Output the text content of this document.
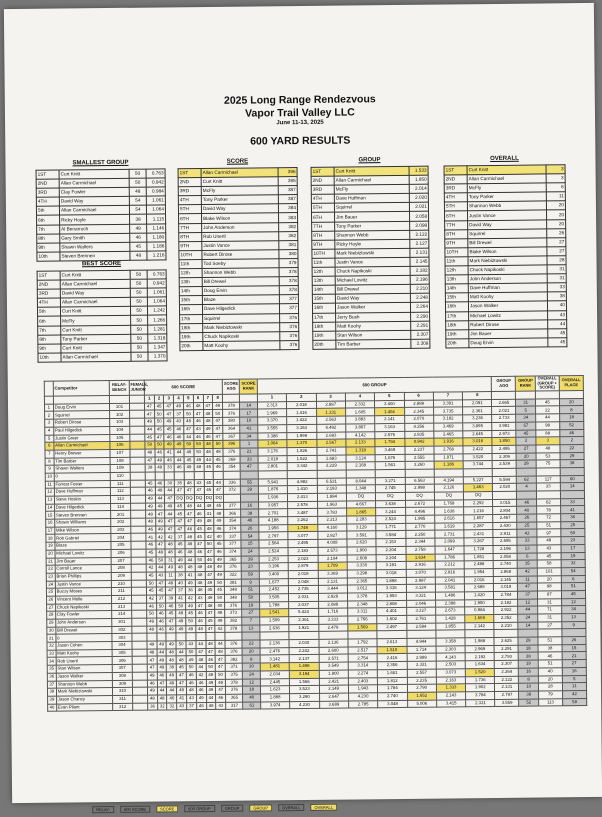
2025 Long Range Rendezvous
Vapor Trail Valley LLC
June 11-13, 2025
600 YARD RESULTS
SMALLEST GROUP
1ST	Curt Knitt	50	0.763
2ND	Allan Carmichael	50	0.942
3RD	Clay Fowler	48	0.984
4TH	David Way	54	1.061
5th	Allan Carmichael	54	1.064
6th	Ricky Hoyle	38	1.115
7th	Al Benarroch	49	1.146
8th	Gary Smith	46	1.180
9th	Shawn Walters	45	1.186
10th	Steven Brennen	48	1.216
BEST SCORE
1ST	Curt Knitt	50	0.763
2ND	Allan Carmichael	50	0.942
3RD	David Way	50	1.061
4TH	Allan Carmichael	50	1.064
5th	Curt Knitt	50	1.242
6th	McFly	50	1.266
7th	Curt Knitt	50	1.281
8th	Tony Parker	50	1.318
9th	Curt Knitt	50	1.347
10th	Allan Carmichael	50	1.370
SCORE
1ST	Allan Carmichael	396
2ND	Curt Knitt	395
3RD	McFly	387
4TH	Tony Parker	387
5TH	David Way	384
6TH	Blake Wilson	383
7TH	John Anderson	382
8TH	Rob Unertl	382
9TH	Justin Vance	381
10TH	Robert Dirose	380
11th	Tod Soeby	379
12th	Shannon Webb	378
13th	Bill Drewel	378
14th	Doug Ervin	378
15th	Blaze	377
16th	Dave Hilgedick	377
17th	Squirrel	376
18th	Mark Niebiztowski	376
19th	Chuck Napikoski	376
20th	Matt Koohy	376
GROUP
1ST	Curt Knitt	1.533
2ND	Allan Carmichael	1.850
3RD	McFly	2.014
4TH	Dave Huffman	2.020
5TH	Squirrel	2.021
6TH	Jim Bauer	2.058
7TH	Tony Parker	2.098
8TH	Shannon Webb	2.122
9TH	Ricky Hoyle	2.127
10TH	Mark Niebiztowski	2.131
11th	Justin Vance	2.145
12th	Chuck Napikoski	2.182
13th	Michael Lowitz	2.196
14th	Bill Drewel	2.210
15th	David Way	2.248
16th	Jason Walker	2.264
17th	Jerry Bush	2.290
18th	Matt Koohy	2.291
19th	Stan Wilson	2.307
20th	Tim Barber	2.309
OVERALL
1ST	Curt Knitt	3
2ND	Allan Carmichael	3
3RD	McFly	6
4TH	Tony Parker	11
5TH	Shannon Webb	20
6TH	Justin Vance	20
7TH	David Way	20
8TH	Squirrel	26
9TH	Bill Drewel	27
10TH	Blake Wilson	27
11th	Mark Niebiztowski	28
12th	Chuck Napikoski	31
13th	John Anderson	31
14th	Dave Huffman	33
15th	Matt Koohy	38
16th	Jason Walker	40
17th	Michael Lowitz	43
18th	Robert Dirose	44
19th	Jim Bauer	45
20th	Doug Ervin	45
	Competitor	RELAY-BENCH	FEMALE, JUNIOR	600 SCORE								SCORE AGG	SCORE RANK	600 GROUP								GROUP AGG	GROUP RANK	OVERALL (GROUP + SCORE)	OVERALL PLACE
				1	2	3	4	5	6	7	8			1	2	3	4	5	6	7	8				
1	Doug Ervin	101		47	45	47	49	46	48	47	49	378	14	2.313	2.018	2.887	2.332	3.400	2.889	3.391	2.091	2.665	31	45	20
2	Squirrel	102		47	50	47	37	50	47	48	50	376	17	1.969	1.416	1.331	1.605	1.404	2.345	3.735	2.361	2.021	5	22	8
3	Robert Dirose	103		49	50	49	43	48	46	48	47	380	10	3.370	1.422	2.563	3.883	2.141	2.070	3.182	3.236	2.733	34	44	18
4	Paul Hilgedick	104		44	45	45	46	47	43	49	47	364	41	3.555	3.153	6.492	3.867	3.163	4.256	3.469	3.895	3.981	57	98	52
5	Justin Greer	105		45	47	46	46	44	46	46	47	367	34	3.386	1.999	2.693	4.142	2.575	2.835	2.465	2.645	2.973	45	88	46
6	Allan Carmichael	106		50	50	49	49	50	50	48	50	396	1	1.064	1.370	2.567	2.133	1.794	0.942	1.916	3.016	1.850	2	3	2
7	Henry Brewer	107		48	46	41	44	49	50	48	48	376	21	3.176	1.826	2.741	1.318	3.469	2.237	2.768	2.422	2.495	27	48	22
8	Tim Barber	108		47	49	46	44	45	49	44	45	369	33	2.018	1.522	1.683	3.124	1.676	2.555	1.971	3.520	2.309	20	53	29
9	Shawn Walters	109		38	49	33	46	49	48	45	46	354	47	2.801	3.342	2.229	2.168	1.561	3.260	1.186	3.744	2.539	28	75	38
10	0	110																							
11	Forrest Foster	111		45	46	30	35	48	43	45	44	336	55	5.941	4.982	6.531	8.044	3.271	6.563	4.194	5.227	5.594	62	117	60
12	Dave Huffman	112		46	48	44	47	47	47	46	47	372	29	1.876	1.410	2.193	1.348	2.745	2.998	2.126	1.463	2.020	4	33	14
13	Steve Hoskin	113		49	44	47	DQ	DQ	DQ	DQ	DQ			1.936	2.413	1.884	DQ	DQ	DQ	DQ	DQ				
14	Dave Hilgedick	114		49	49	49	45	48	44	48	45	377	16	3.957	2.578	1.963	4.667	3.638	2.672	1.768	2.292	3.015	46	62	33
15	Steven Brennen	201		48	47	44	45	47	46	41	48	366	38	2.701	3.487	3.783	1.865	3.244	4.496	1.638	1.216	2.804	40	78	41
16	Shawn Williams	202		48	49	47	47	47	49	48	49	354	46	4.188	2.262	2.213	2.283	2.524	1.995	2.616	1.657	2.467	26	72	36
17	Mike Wilson	203		46	49	47	47	46	45	48	46	374	26	1.956	1.749	4.160	3.129	1.771	2.770	1.619	2.287	2.430	25	51	25
18	Rob Gabriel	204		41	42	42	37	48	45	42	40	337	54	2.797	3.077	2.827	3.591	3.584	2.250	2.731	2.431	2.911	43	97	50
19	Blaze	205		46	47	48	45	49	47	50	45	377	15	2.564	2.495	4.008	2.620	2.153	2.344	2.099	3.267	2.695	33	48	23
20	Michael Lowitz	206		45	48	48	46	48	46	47	46	374	24	2.524	2.183	2.573	1.900	2.204	2.758	1.647	1.728	2.196	13	43	17
21	Jim Bauer	207		46	50	31	49	44	50	46	49	365	39	2.253	2.023	2.104	2.608	2.204	1.634	1.786	1.851	2.058	6	45	19
22	Carroll Lance	208		42	44	49	48	48	48	48	49	376	23	3.196	2.879	1.709	3.330	3.191	2.916	2.212	2.488	2.740	35	58	32
23	Brian Phillips	209		45	43	11	38	41	48	47	49	322	59	3.400	2.019	3.369	3.298	3.018	3.070	2.816	1.954	2.868	42	101	54
24	Justin Vance	210		50	47	48	40	49	48	49	50	381	9	1.677	2.048	2.131	2.365	1.898	2.987	2.041	2.016	2.145	11	20	6
25	Buzzy Moses	211		45	45	47	37	36	48	45	45	348	51	2.452	2.735	3.444	3.012	3.316	3.124	3.581	2.689	3.019	47	98	51
26	Vincent Molle	212		42	37	39	41	42	43	49	50	348	50	3.505	2.031	2.929	3.378	1.993	3.321	1.486	1.420	2.784	37	87	45
27	Chuck Napikoski	213		46	50	46	50	49	47	48	40	376	19	1.788	2.037	2.088	2.348	2.808	2.046	2.388	1.950	2.182	12	31	12
28	Clay Fowler	214		50	46	45	48	45	46	47	48	373	27	1.541	5.424	1.716	3.311	4.401	3.327	2.673	0.984	2.922	44	71	34
29	John Anderson	301		49	46	47	49	50	46	45	49	382	7	1.509	2.361	3.333	2.766	1.602	2.761	1.428	1.669	2.352	24	31	13
30	Bill Drewel	302		48	46	49	49	49	48	47	42	378	13	2.636	1.921	2.479	1.569	2.497	2.584	1.855	2.142	2.210	14	27	9
31	0	303																							
32	Jason Cohen	304		49	49	49	50	43	44	48	44	376	22	2.136	2.030	2.136	1.792	2.613	4.944	3.358	1.988	2.625	29	51	26
33	Matt Koohy	305		48	44	48	44	50	47	47	48	376	20	2.476	2.242	2.600	2.517	1.510	1.714	2.303	2.969	2.291	18	38	15
34	Rob Unertl	306		47	49	48	48	49	48	46	47	382	8	3.142	2.137	2.571	2.754	2.416	2.989	4.143	2.192	2.793	38	46	21
35	Stan Wilson	307		47	49	38	45	50	44	50	47	371	30	1.481	1.498	3.549	3.314	2.356	2.321	2.503	1.634	2.307	19	51	27
36	Jason Walker	308		49	46	49	47	46	42	48	50	375	24	2.034	3.194	1.800	2.274	1.661	2.557	3.073	1.520	2.264	16	40	16
37	Shannon Webb	309		46	47	49	47	46	46	49	48	378	12	2.445	1.566	2.421	2.403	1.812	2.235	2.163	1.736	2.122	8	20	5
38	Mark Niebiztowski	310		49	44	44	49	48	46	49	47	376	18	1.623	3.523	2.149	1.943	1.784	2.790	1.333	1.902	2.131	10	28	11
39	Jason Chancy	311		48	48	46	41	43	49	44	46	365	40	1.888	3.290	2.647	4.230	2.740	1.652	2.143	3.784	2.797	39	79	42
40	Evan Pilant	312		36	32	32	43	37	46	48	43	317	61	3.974	4.230	3.689	2.785	3.048	5.006	3.415	2.321	3.559	52	113	58
RELAY-	600 SCORE	SCORE	600 GROUP	GROUP	GROUP	OVERALL	OVERALL
